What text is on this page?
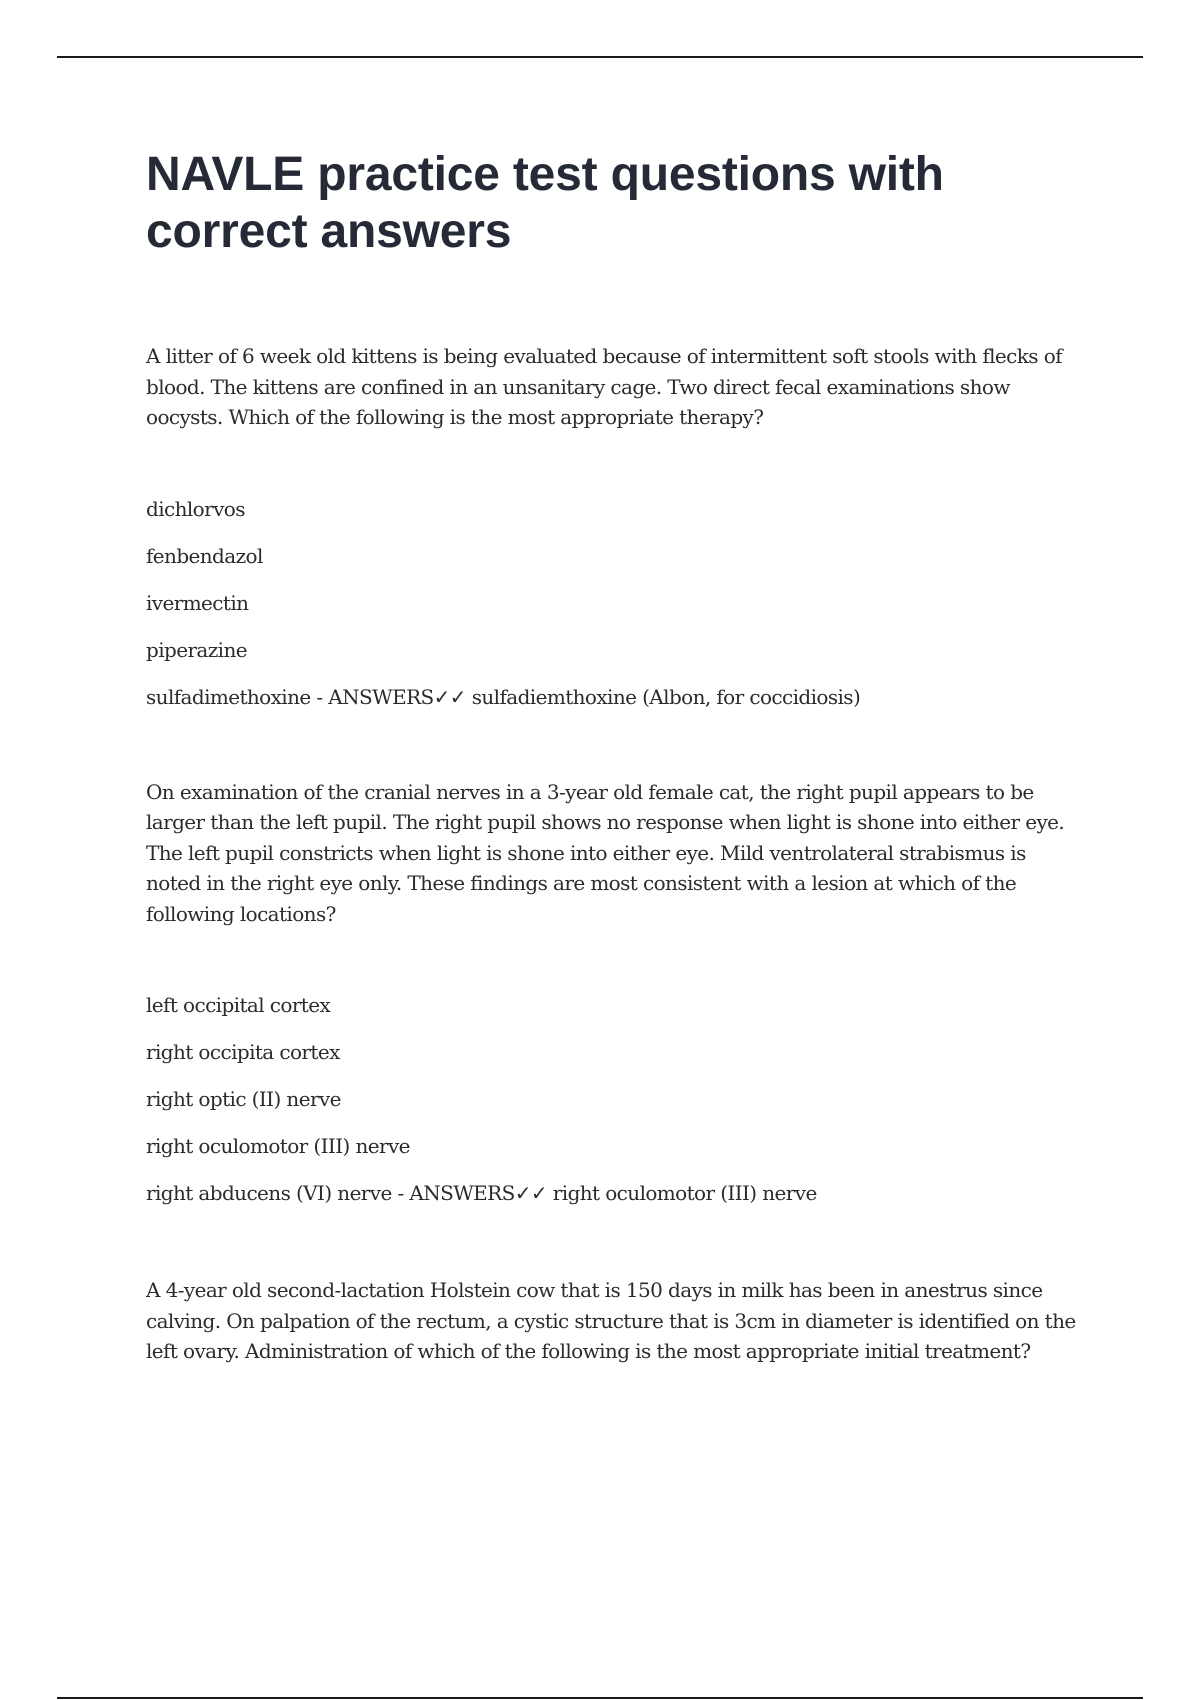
NAVLE practice test questions with correct answers

A litter of 6 week old kittens is being evaluated because of intermittent soft stools with flecks of blood. The kittens are confined in an unsanitary cage. Two direct fecal examinations show oocysts. Which of the following is the most appropriate therapy?

dichlorvos

fenbendazol

ivermectin

piperazine

sulfadimethoxine - ANSWERS✓✓ sulfadiemthoxine (Albon, for coccidiosis)

On examination of the cranial nerves in a 3-year old female cat, the right pupil appears to be larger than the left pupil. The right pupil shows no response when light is shone into either eye. The left pupil constricts when light is shone into either eye. Mild ventrolateral strabismus is noted in the right eye only. These findings are most consistent with a lesion at which of the following locations?

left occipital cortex

right occipita cortex

right optic (II) nerve

right oculomotor (III) nerve

right abducens (VI) nerve - ANSWERS✓✓ right oculomotor (III) nerve

A 4-year old second-lactation Holstein cow that is 150 days in milk has been in anestrus since calving. On palpation of the rectum, a cystic structure that is 3cm in diameter is identified on the left ovary. Administration of which of the following is the most appropriate initial treatment?
